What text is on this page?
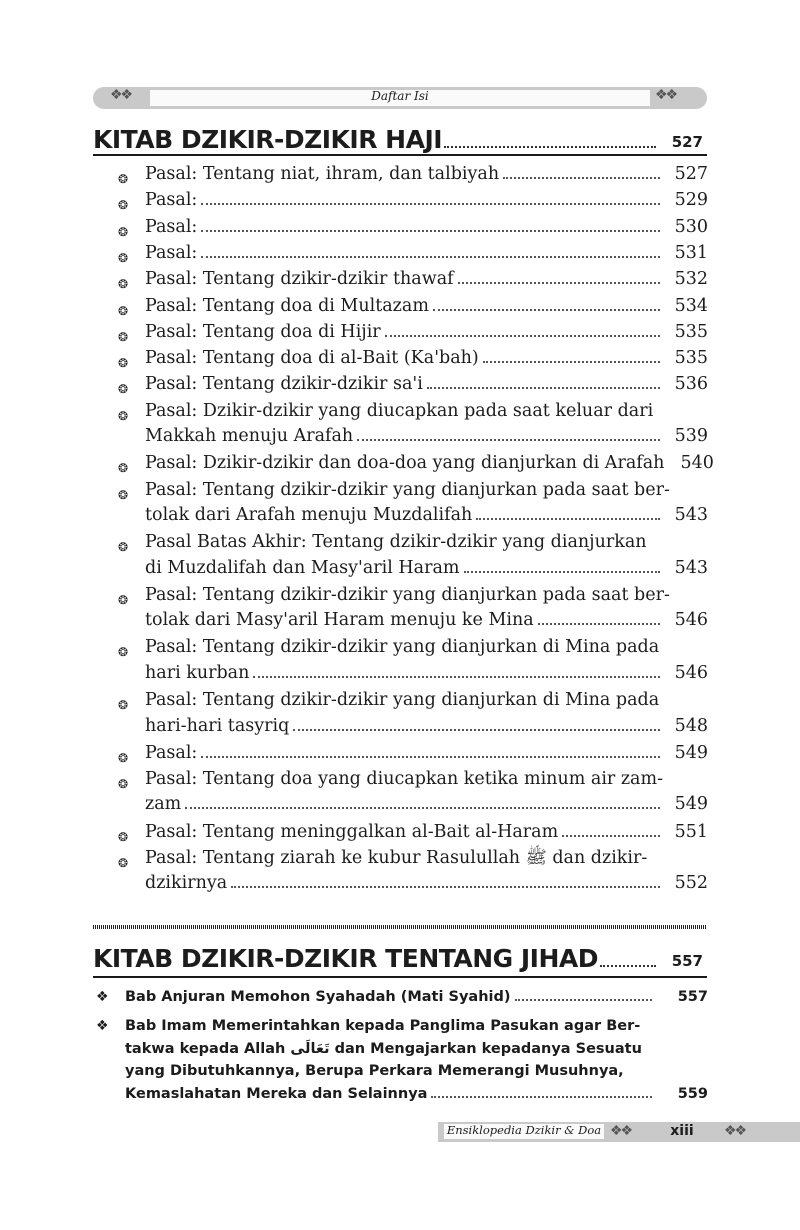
❖❖	❖❖
Daftar Isi
KITAB DZIKIR-DZIKIR HAJI	527
❂ Pasal: Tentang niat, ihram, dan talbiyah	527
❂ Pasal:	529
❂ Pasal:	530
❂ Pasal:	531
❂ Pasal: Tentang dzikir-dzikir thawaf	532
❂ Pasal: Tentang doa di Multazam	534
❂ Pasal: Tentang doa di Hijir	535
❂ Pasal: Tentang doa di al-Bait (Ka'bah)	535
❂ Pasal: Tentang dzikir-dzikir sa'i	536
❂ Pasal: Dzikir-dzikir yang diucapkan pada saat keluar dari
Makkah menuju Arafah	539
❂ Pasal: Dzikir-dzikir dan doa-doa yang dianjurkan di Arafah 540
❂ Pasal: Tentang dzikir-dzikir yang dianjurkan pada saat ber-
tolak dari Arafah menuju Muzdalifah	543
❂ Pasal Batas Akhir: Tentang dzikir-dzikir yang dianjurkan
di Muzdalifah dan Masy'aril Haram	543
❂ Pasal: Tentang dzikir-dzikir yang dianjurkan pada saat ber-
tolak dari Masy'aril Haram menuju ke Mina	546
❂ Pasal: Tentang dzikir-dzikir yang dianjurkan di Mina pada
hari kurban	546
❂ Pasal: Tentang dzikir-dzikir yang dianjurkan di Mina pada
hari-hari tasyriq	548
❂ Pasal:	549
❂ Pasal: Tentang doa yang diucapkan ketika minum air zam-
zam	549
❂ Pasal: Tentang meninggalkan al-Bait al-Haram	551
❂ Pasal: Tentang ziarah ke kubur Rasulullah ﷺ dan dzikir-
dzikirnya	552
KITAB DZIKIR-DZIKIR TENTANG JIHAD	557
❖ Bab Anjuran Memohon Syahadah (Mati Syahid)	557
❖	Bab Imam Memerintahkan kepada Panglima Pasukan agar Ber-
takwa kepada Allah تَعَالَى dan Mengajarkan kepadanya Sesuatu
yang Dibutuhkannya, Berupa Perkara Memerangi Musuhnya,
Kemaslahatan Mereka dan Selainnya	559
Ensiklopedia Dzikir & Doa ❖❖	xiii	❖❖
